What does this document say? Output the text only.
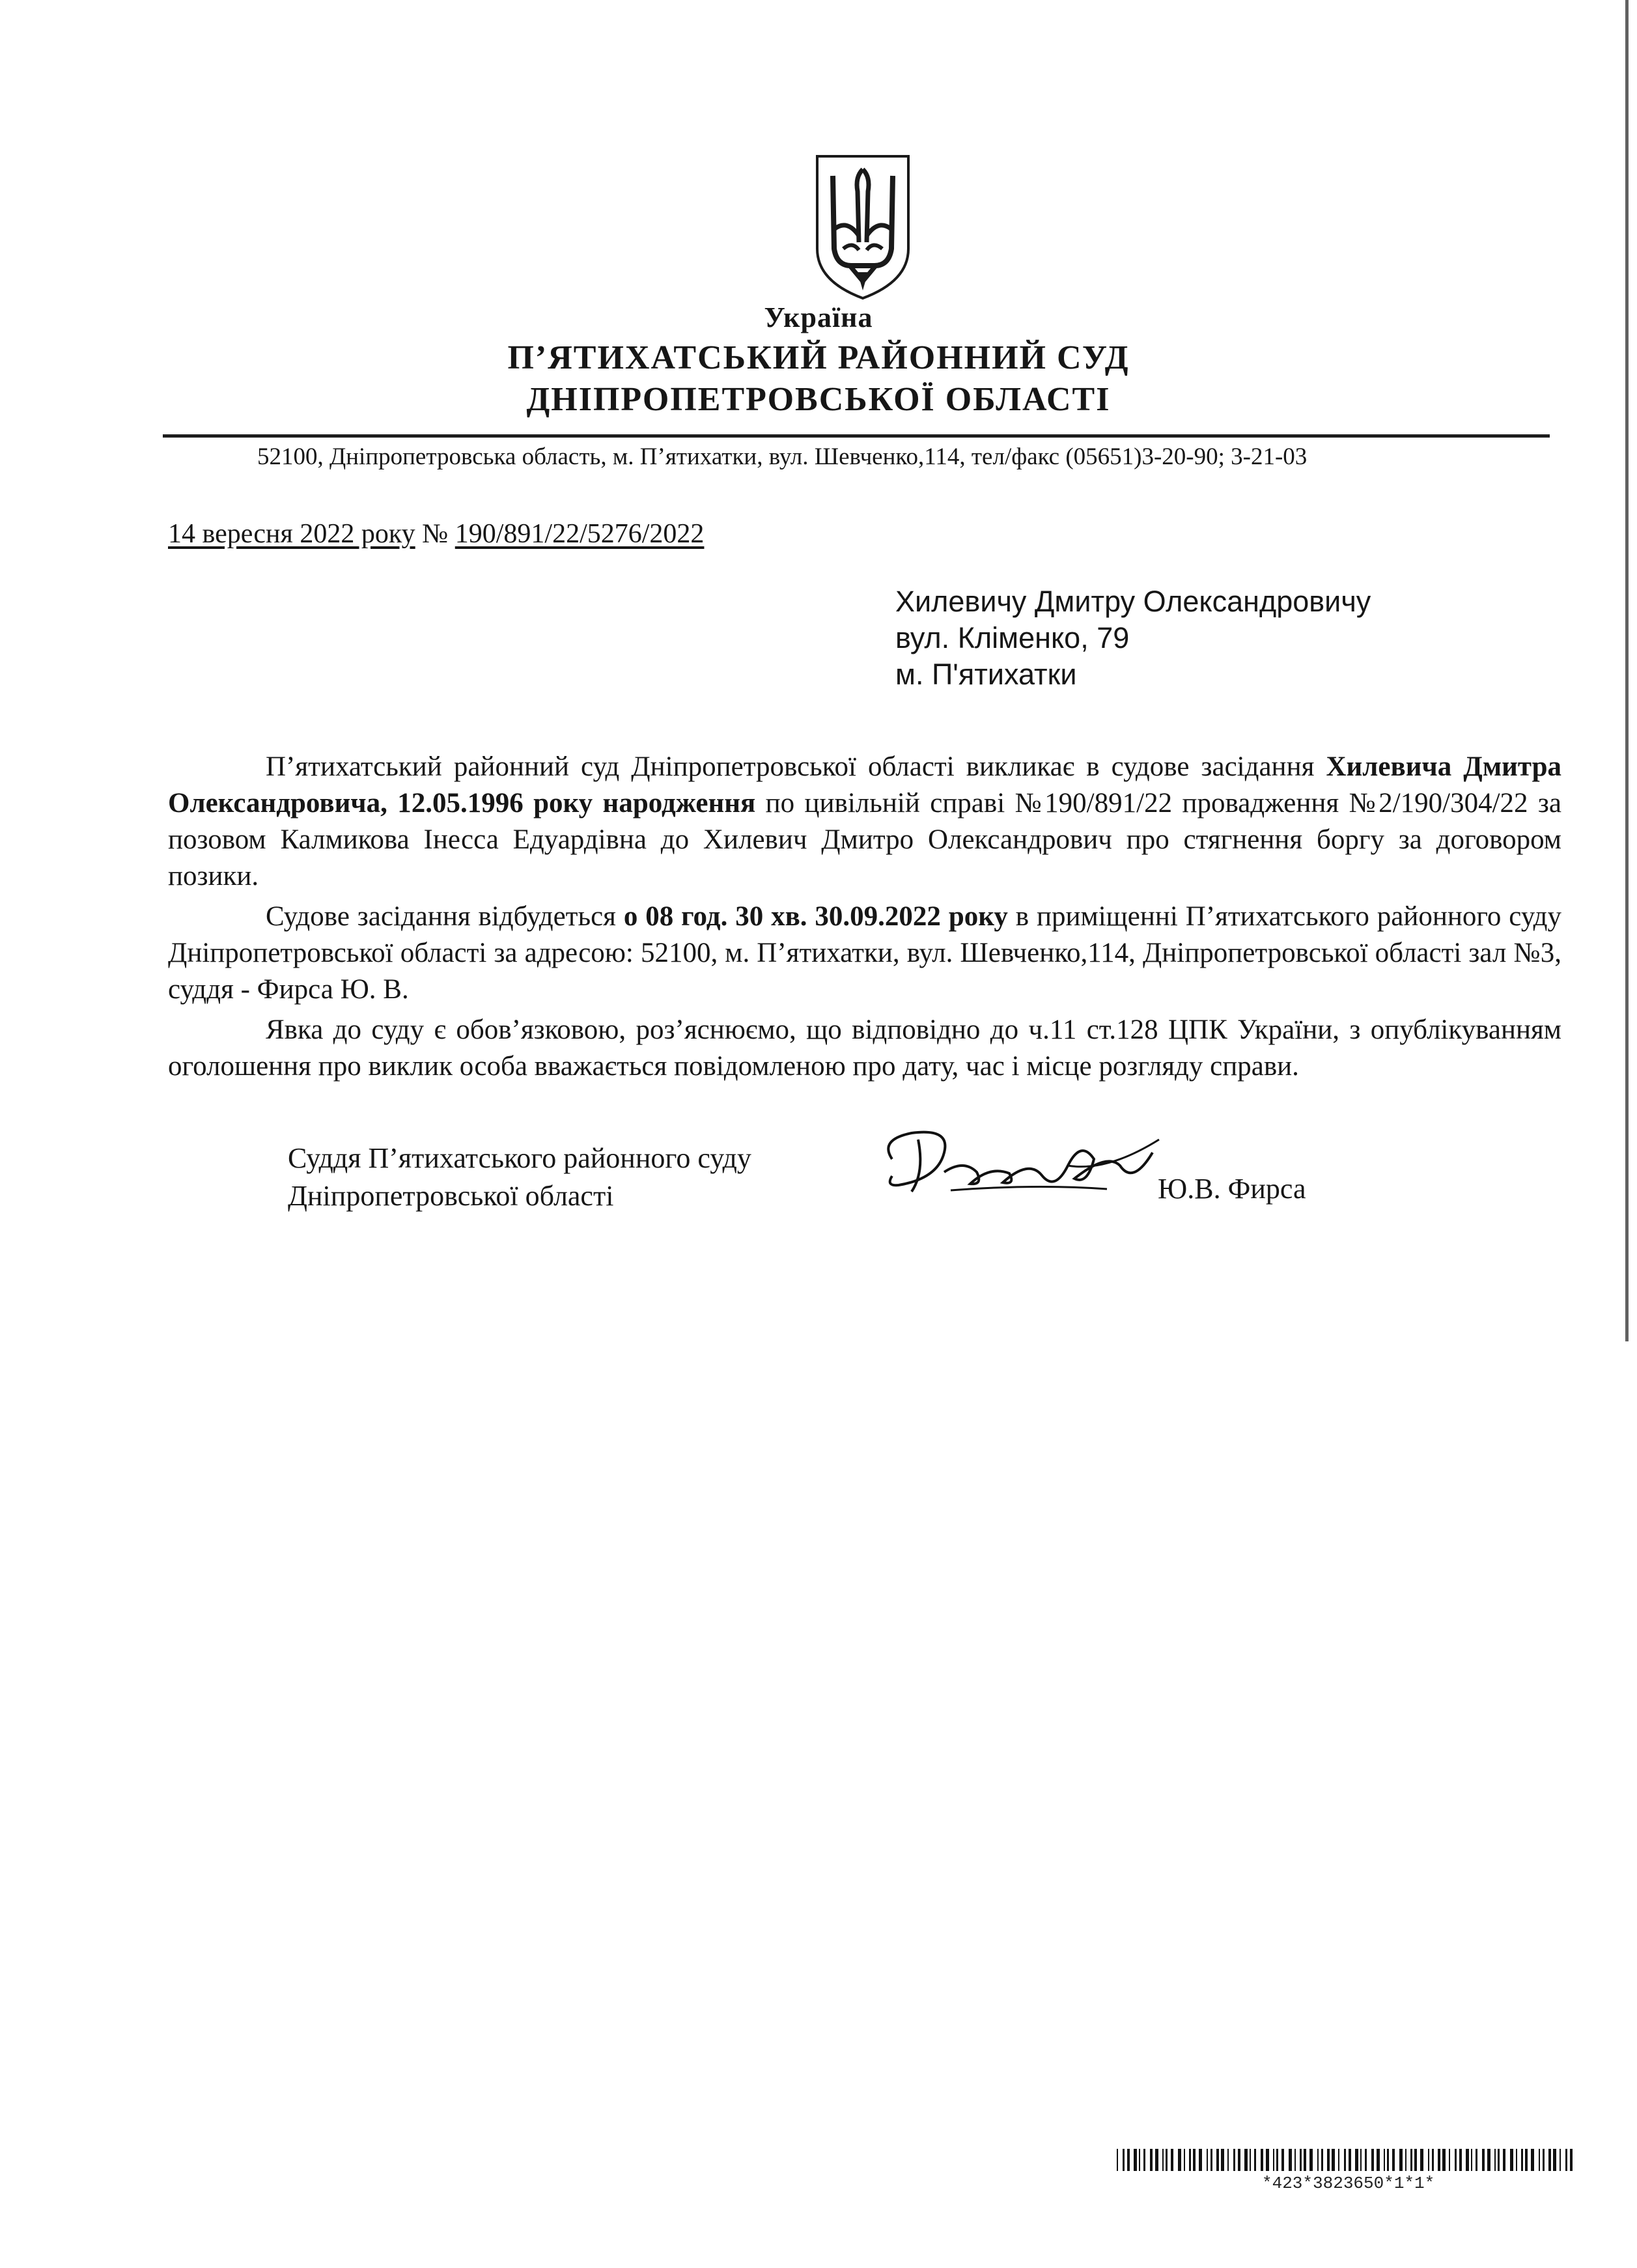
Україна
П’ЯТИХАТСЬКИЙ РАЙОННИЙ СУД
ДНІПРОПЕТРОВСЬКОЇ ОБЛАСТІ
52100, Дніпропетровська область, м. П’ятихатки, вул. Шевченко,114, тел/факс (05651)3-20-90; 3-21-03
14 вересня 2022 року № 190/891/22/5276/2022
Хилевичу Дмитру Олександровичу
вул. Кліменко, 79
м. П'ятихатки

П’ятихатський районний суд Дніпропетровської області викликає в судове засідання Хилевича Дмитра Олександровича, 12.05.1996 року народження по цивільній справі №190/891/22 провадження №2/190/304/22 за позовом Калмикова Інесса Едуардівна до Хилевич Дмитро Олександрович про стягнення боргу за договором позики.

Судове засідання відбудеться о 08 год. 30 хв. 30.09.2022 року в приміщенні П’ятихатського районного суду Дніпропетровської області за адресою: 52100, м. П’ятихатки, вул. Шевченко,114, Дніпропетровської області зал №3, суддя - Фирса Ю. В.

Явка до суду є обов’язковою, роз’яснюємо, що відповідно до ч.11 ст.128 ЦПК України, з опублікуванням оголошення про виклик особа вважається повідомленою про дату, час і місце розгляду справи.

Суддя П’ятихатського районного суду
Дніпропетровської області	Ю.В. Фирса
*423*3823650*1*1*
